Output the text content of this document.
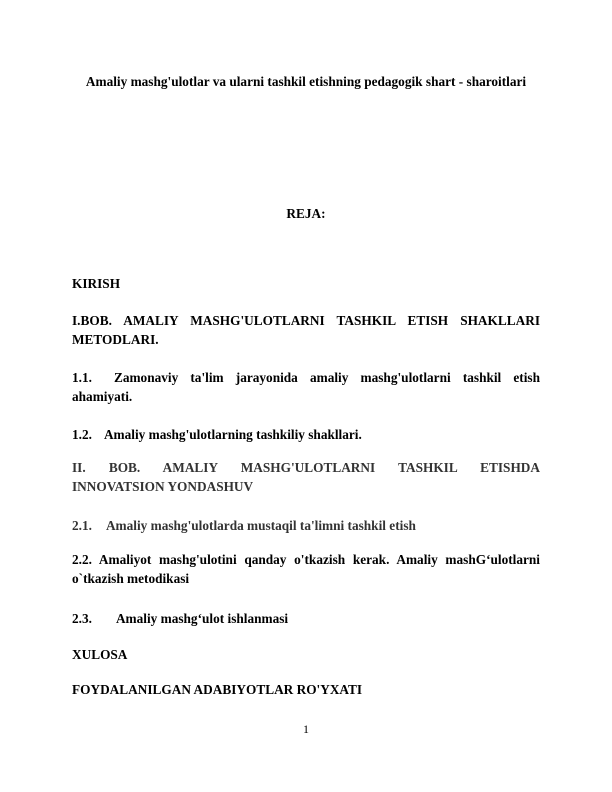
Amaliy mashg'ulotlar va ularni tashkil etishning pedagogik shart - sharoitlari
REJA:
KIRISH
I.BOB. AMALIY MASHG'ULOTLARNI TASHKIL ETISH SHAKLLARI
METODLARI.
1.1. Zamonaviy ta'lim jarayonida amaliy mashg'ulotlarni tashkil etish
ahamiyati.
1.2. Amaliy mashg'ulotlarning tashkiliy shakllari.
II. BOB. AMALIY MASHG'ULOTLARNI TASHKIL ETISHDA
INNOVATSION YONDASHUV
2.1. Amaliy mashg'ulotlarda mustaqil ta'limni tashkil etish
2.2. Amaliyot mashg'ulotini qanday o'tkazish kerak. Amaliy mashG‘ulotlarni
o`tkazish metodikasi
2.3. Amaliy mashg‘ulot ishlanmasi
XULOSA
FOYDALANILGAN ADABIYOTLAR RO'YXATI
1
